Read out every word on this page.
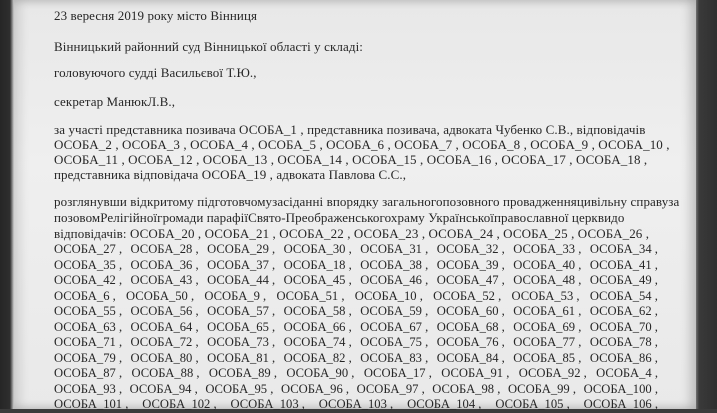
23 вересня 2019 року місто Вінниця

Вінницький районний суд Вінницької області у складі:

головуючого судді Васильєвої Т.Ю.,

секретар МанюкЛ.В.,

за участі представника позивача ОСОБА_1 , представника позивача, адвоката Чубенко С.В., відповідачів

ОСОБА_2 , ОСОБА_3 , ОСОБА_4 , ОСОБА_5 , ОСОБА_6 , ОСОБА_7 , ОСОБА_8 , ОСОБА_9 , ОСОБА_10 ,

ОСОБА_11 , ОСОБА_12 , ОСОБА_13 , ОСОБА_14 , ОСОБА_15 , ОСОБА_16 , ОСОБА_17 , ОСОБА_18 ,

представника відповідача ОСОБА_19 , адвоката Павлова С.С.,

розглянувши відкритому підготовчомузасіданні впорядку загальногопозовного провадженняцивільну справуза

позовомРелігійноїгромади парафіїСвято-Преображенськогохраму Українськоїправославної церквидо

відповідачів: ОСОБА_20 , ОСОБА_21 , ОСОБА_22 , ОСОБА_23 , ОСОБА_24 , ОСОБА_25 , ОСОБА_26 ,

ОСОБА_27 , ОСОБА_28 , ОСОБА_29 , ОСОБА_30 , ОСОБА_31 , ОСОБА_32 , ОСОБА_33 , ОСОБА_34 ,
ОСОБА_35 , ОСОБА_36 , ОСОБА_37 , ОСОБА_18 , ОСОБА_38 , ОСОБА_39 , ОСОБА_40 , ОСОБА_41 ,
ОСОБА_42 , ОСОБА_43 , ОСОБА_44 , ОСОБА_45 , ОСОБА_46 , ОСОБА_47 , ОСОБА_48 , ОСОБА_49 ,
ОСОБА_6 , ОСОБА_50 , ОСОБА_9 , ОСОБА_51 , ОСОБА_10 , ОСОБА_52 , ОСОБА_53 , ОСОБА_54 ,
ОСОБА_55 , ОСОБА_56 , ОСОБА_57 , ОСОБА_58 , ОСОБА_59 , ОСОБА_60 , ОСОБА_61 , ОСОБА_62 ,
ОСОБА_63 , ОСОБА_64 , ОСОБА_65 , ОСОБА_66 , ОСОБА_67 , ОСОБА_68 , ОСОБА_69 , ОСОБА_70 ,
ОСОБА_71 , ОСОБА_72 , ОСОБА_73 , ОСОБА_74 , ОСОБА_75 , ОСОБА_76 , ОСОБА_77 , ОСОБА_78 ,
ОСОБА_79 , ОСОБА_80 , ОСОБА_81 , ОСОБА_82 , ОСОБА_83 , ОСОБА_84 , ОСОБА_85 , ОСОБА_86 ,
ОСОБА_87 , ОСОБА_88 , ОСОБА_89 , ОСОБА_90 , ОСОБА_17 , ОСОБА_91 , ОСОБА_92 , ОСОБА_4 ,
ОСОБА_93 , ОСОБА_94 , ОСОБА_95 , ОСОБА_96 , ОСОБА_97 , ОСОБА_98 , ОСОБА_99 , ОСОБА_100 ,
ОСОБА_101 , ОСОБА_102 , ОСОБА_103 , ОСОБА_103 , ОСОБА_104 , ОСОБА_105 , ОСОБА_106 ,
